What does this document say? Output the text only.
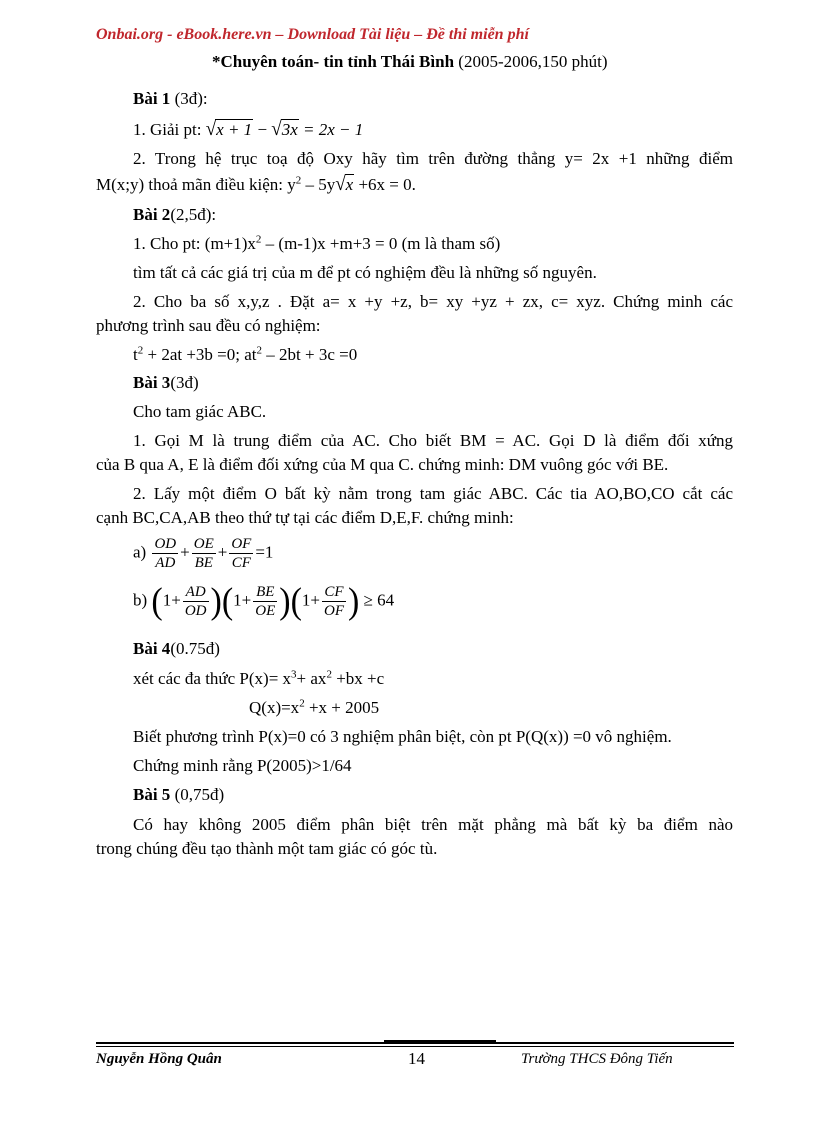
Onbai.org - eBook.here.vn – Download Tài liệu – Đề thi miễn phí
*Chuyên toán- tin tỉnh Thái Bình (2005-2006,150 phút)
Bài 1 (3đ):
1. Giải pt: √x + 1 − √3x = 2x − 1
2. Trong hệ trục toạ độ Oxy hãy tìm trên đường thẳng y= 2x +1 những điểm
M(x;y) thoả mãn điều kiện: $y^2 - 5y√x +6x = 0$.
Bài 2(2,5đ):
1. Cho pt: $(m+1)x^2 - (m-1)x +m+3 = 0$ (m là tham số)
tìm tất cả các giá trị của m để pt có nghiệm đều là những số nguyên.
2. Cho ba số x,y,z . Đặt a= x +y +z, b= xy +yz + zx, c= xyz. Chứng minh các
phương trình sau đều có nghiệm:
$t^2 + 2at +3b =0$; $at^2 - 2bt + 3c =0$
Bài 3(3đ)
Cho tam giác ABC.
1. Gọi M là trung điểm của AC. Cho biết BM = AC. Gọi D là điểm đối xứng
của B qua A, E là điểm đối xứng của M qua C. chứng minh: DM vuông góc với BE.
2. Lấy một điểm O bất kỳ nằm trong tam giác ABC. Các tia AO,BO,CO cắt các
cạnh BC,CA,AB theo thứ tự tại các điểm D,E,F. chứng minh:
$a) \frac{OD}{AD} + \frac{OE}{BE} + \frac{OF}{CF} =1$
b) $(1+ \frac{AD}{OD} )(1+ \frac{BE}{OE} )(1+ \frac{CF}{OF}$ ) ≥ 64
Bài 4(0.75đ)
xét các đa thức $P(x)= x^3+ ax^2 +bx +c$
$Q(x)=x^2 +x + 2005$
Biết phương trình P(x)=0 có 3 nghiệm phân biệt, còn pt P(Q(x)) =0 vô nghiệm.
Chứng minh rằng P(2005)>1/64
Bài 5 (0,75đ)
Có hay không 2005 điểm phân biệt trên mặt phẳng mà bất kỳ ba điểm nào
trong chúng đều tạo thành một tam giác có góc tù.
Nguyễn Hồng Quân	14	Trường THCS Đông Tiến
